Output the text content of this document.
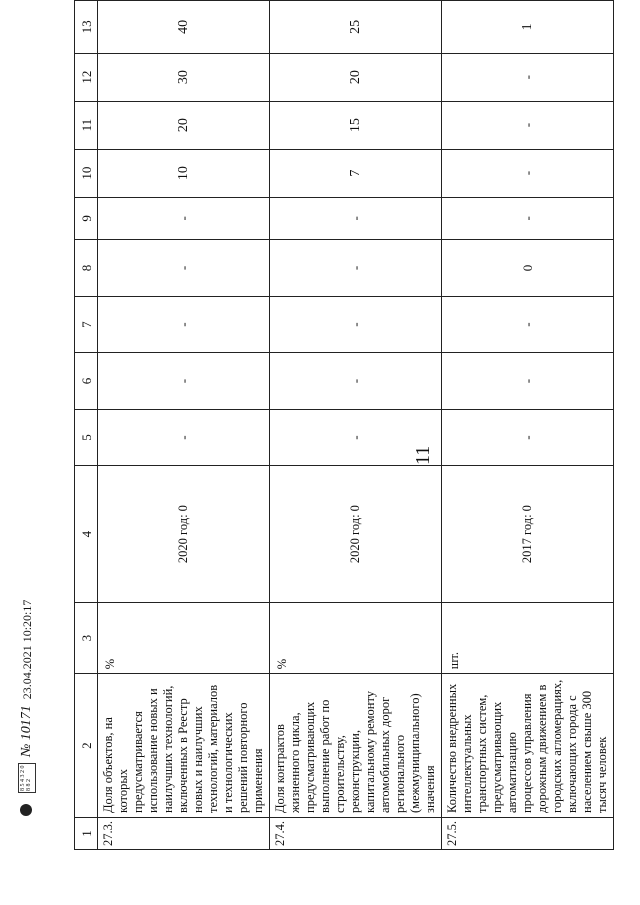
11
1	2	3	4	5	6	7	8	9	10	11	12	13
27.3.	Доля объектов, на которых предусматривается использование новых и наилучших технологий, включенных в Реестр новых и наилучших технологий, материалов и технологических решений повторного применения	%	2020 год: 0	-	-	-	-	-	10	20	30	40
27.4.	Доля контрактов жизненного цикла, предусматривающих выполнение работ по строительству, реконструкции, капитальному ремонту автомобильных дорог регионального (межмуниципального) значения	%	2020 год: 0	-	-	-	-	-	7	15	20	25
27.5.	Количество внедренных интеллектуальных транспортных систем, предусматривающих автоматизацию процессов управления дорожным движением в городских агломерациях, включающих города с населением свыше 300 тысяч человек	шт.	2017 год: 0	-	-	-	0	-	-	-	-	1
8 5 4 3 2 0 8 8 2
№ 10171
23.04.2021 10:20:17
